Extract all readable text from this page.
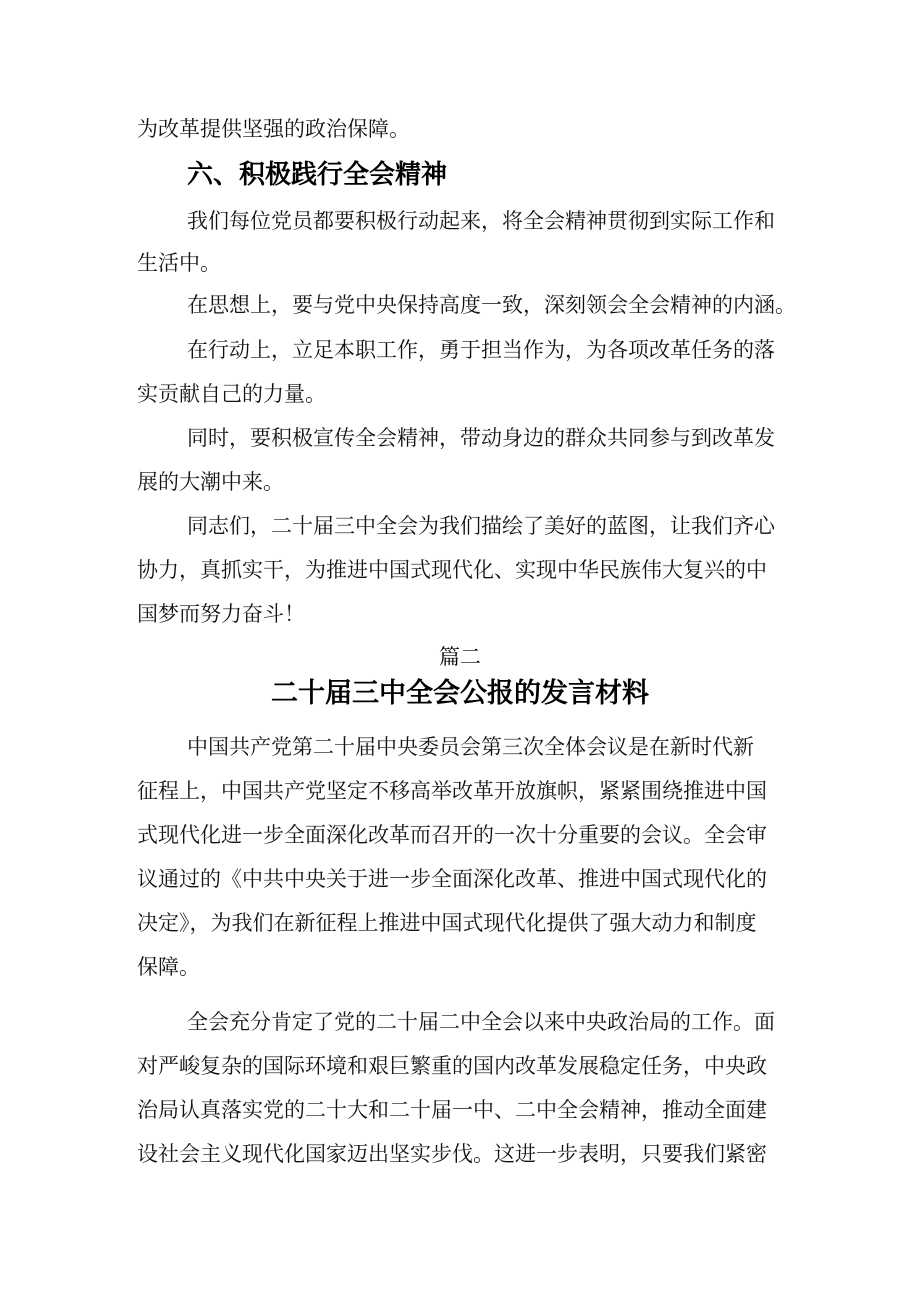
为改革提供坚强的政治保障。

六、积极践行全会精神

我们每位党员都要积极行动起来，将全会精神贯彻到实际工作和

生活中。

在思想上，要与党中央保持高度一致，深刻领会全会精神的内涵。

在行动上，立足本职工作，勇于担当作为，为各项改革任务的落

实贡献自己的力量。

同时，要积极宣传全会精神，带动身边的群众共同参与到改革发

展的大潮中来。

同志们，二十届三中全会为我们描绘了美好的蓝图，让我们齐心

协力，真抓实干，为推进中国式现代化、实现中华民族伟大复兴的中

国梦而努力奋斗！

篇二
二十届三中全会公报的发言材料

中国共产党第二十届中央委员会第三次全体会议是在新时代新

征程上，中国共产党坚定不移高举改革开放旗帜，紧紧围绕推进中国

式现代化进一步全面深化改革而召开的一次十分重要的会议。全会审

议通过的《中共中央关于进一步全面深化改革、推进中国式现代化的

决定》，为我们在新征程上推进中国式现代化提供了强大动力和制度

保障。

全会充分肯定了党的二十届二中全会以来中央政治局的工作。面

对严峻复杂的国际环境和艰巨繁重的国内改革发展稳定任务，中央政

治局认真落实党的二十大和二十届一中、二中全会精神，推动全面建

设社会主义现代化国家迈出坚实步伐。这进一步表明，只要我们紧密
